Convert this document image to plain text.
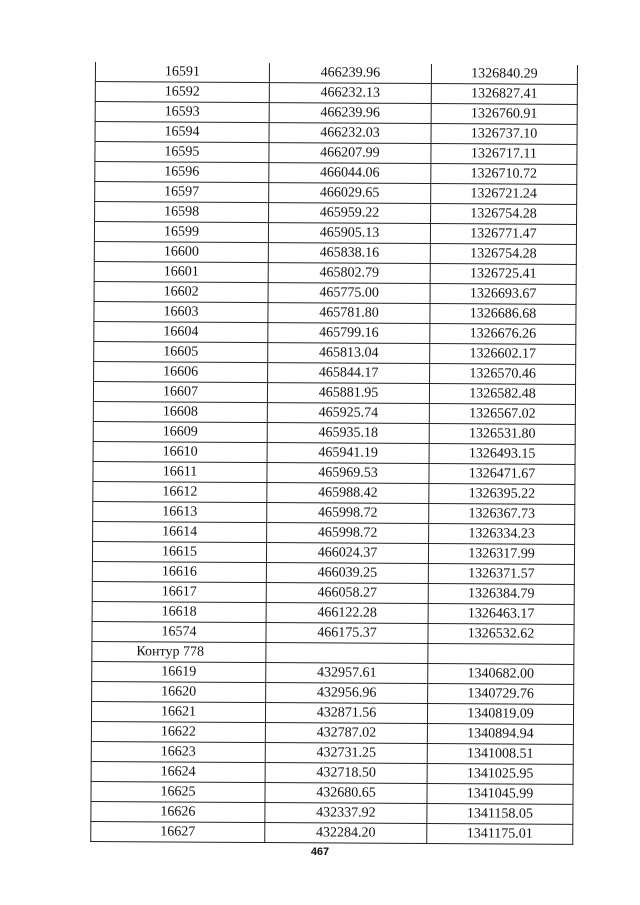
16591	466239.96	1326840.29
16592	466232.13	1326827.41
16593	466239.96	1326760.91
16594	466232.03	1326737.10
16595	466207.99	1326717.11
16596	466044.06	1326710.72
16597	466029.65	1326721.24
16598	465959.22	1326754.28
16599	465905.13	1326771.47
16600	465838.16	1326754.28
16601	465802.79	1326725.41
16602	465775.00	1326693.67
16603	465781.80	1326686.68
16604	465799.16	1326676.26
16605	465813.04	1326602.17
16606	465844.17	1326570.46
16607	465881.95	1326582.48
16608	465925.74	1326567.02
16609	465935.18	1326531.80
16610	465941.19	1326493.15
16611	465969.53	1326471.67
16612	465988.42	1326395.22
16613	465998.72	1326367.73
16614	465998.72	1326334.23
16615	466024.37	1326317.99
16616	466039.25	1326371.57
16617	466058.27	1326384.79
16618	466122.28	1326463.17
16574	466175.37	1326532.62
Контур 778		
16619	432957.61	1340682.00
16620	432956.96	1340729.76
16621	432871.56	1340819.09
16622	432787.02	1340894.94
16623	432731.25	1341008.51
16624	432718.50	1341025.95
16625	432680.65	1341045.99
16626	432337.92	1341158.05
16627	432284.20	1341175.01
467
